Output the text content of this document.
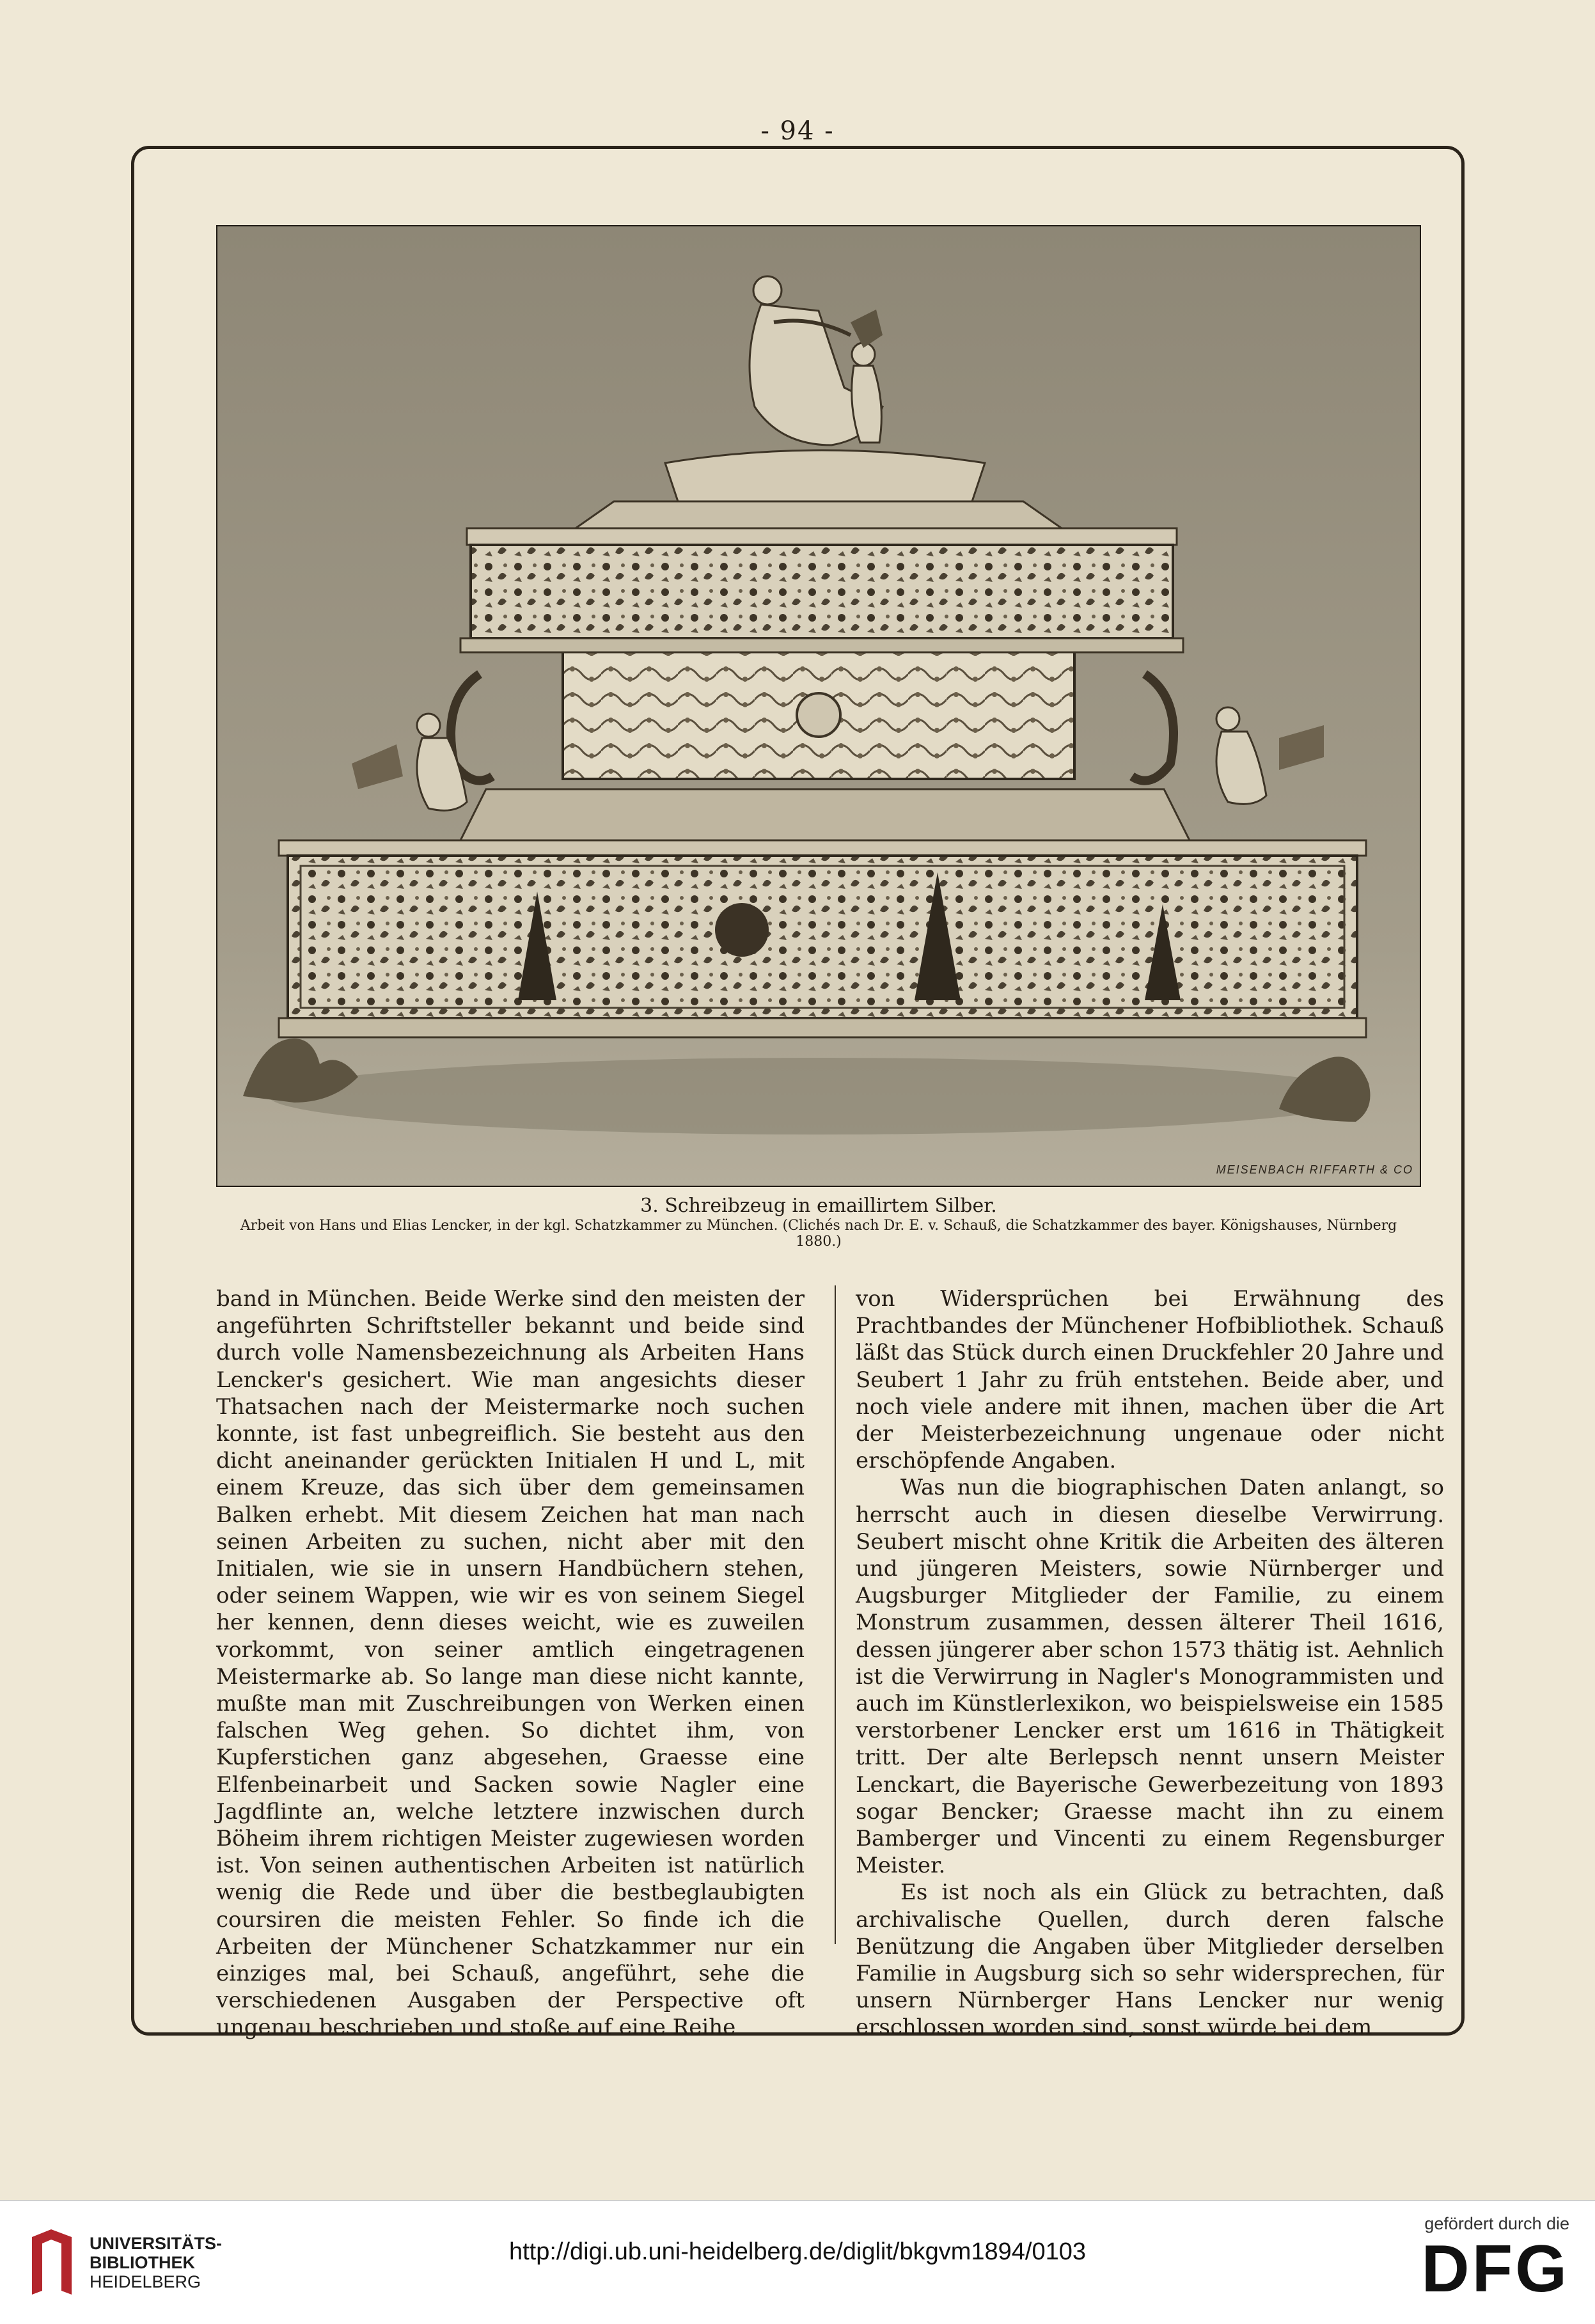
- 94 -
MEISENBACH RIFFARTH & CO
3. Schreibzeug in emaillirtem Silber.
Arbeit von Hans und Elias Lencker, in der kgl. Schatzkammer zu München. (Clichés nach Dr. E. v. Schauß, die Schatzkammer des bayer. Königshauses, Nürnberg 1880.)

band in München. Beide Werke sind den meisten der angeführten Schriftsteller bekannt und beide sind durch volle Namensbezeichnung als Arbeiten Hans Lencker's gesichert. Wie man angesichts dieser Thatsachen nach der Meistermarke noch suchen konnte, ist fast unbegreiflich. Sie besteht aus den dicht aneinander gerückten Initialen H und L, mit einem Kreuze, das sich über dem gemeinsamen Balken erhebt. Mit diesem Zeichen hat man nach seinen Arbeiten zu suchen, nicht aber mit den Initialen, wie sie in unsern Handbüchern stehen, oder seinem Wappen, wie wir es von seinem Siegel her kennen, denn dieses weicht, wie es zuweilen vorkommt, von seiner amtlich eingetragenen Meistermarke ab. So lange man diese nicht kannte, mußte man mit Zuschreibungen von Werken einen falschen Weg gehen. So dichtet ihm, von Kupferstichen ganz abgesehen, Graesse eine Elfenbeinarbeit und Sacken sowie Nagler eine Jagdflinte an, welche letztere inzwischen durch Böheim ihrem richtigen Meister zugewiesen worden ist. Von seinen authentischen Arbeiten ist natürlich wenig die Rede und über die bestbeglaubigten coursiren die meisten Fehler. So finde ich die Arbeiten der Münchener Schatzkammer nur ein einziges mal, bei Schauß, angeführt, sehe die verschiedenen Ausgaben der Perspective oft ungenau beschrieben und stoße auf eine Reihe

von Widersprüchen bei Erwähnung des Prachtbandes der Münchener Hofbibliothek. Schauß läßt das Stück durch einen Druckfehler 20 Jahre und Seubert 1 Jahr zu früh entstehen. Beide aber, und noch viele andere mit ihnen, machen über die Art der Meisterbezeichnung ungenaue oder nicht erschöpfende Angaben.

Was nun die biographischen Daten anlangt, so herrscht auch in diesen dieselbe Verwirrung. Seubert mischt ohne Kritik die Arbeiten des älteren und jüngeren Meisters, sowie Nürnberger und Augsburger Mitglieder der Familie, zu einem Monstrum zusammen, dessen älterer Theil 1616, dessen jüngerer aber schon 1573 thätig ist. Aehnlich ist die Verwirrung in Nagler's Monogrammisten und auch im Künstlerlexikon, wo beispielsweise ein 1585 verstorbener Lencker erst um 1616 in Thätigkeit tritt. Der alte Berlepsch nennt unsern Meister Lenckart, die Bayerische Gewerbezeitung von 1893 sogar Bencker; Graesse macht ihn zu einem Bamberger und Vincenti zu einem Regensburger Meister.

Es ist noch als ein Glück zu betrachten, daß archivalische Quellen, durch deren falsche Benützung die Angaben über Mitglieder derselben Familie in Augsburg sich so sehr widersprechen, für unsern Nürnberger Hans Lencker nur wenig erschlossen worden sind, sonst würde bei dem

UNIVERSITÄTS-
BIBLIOTHEK
HEIDELBERG
http://digi.ub.uni-heidelberg.de/diglit/bkgvm1894/0103
gefördert durch die
DFG
